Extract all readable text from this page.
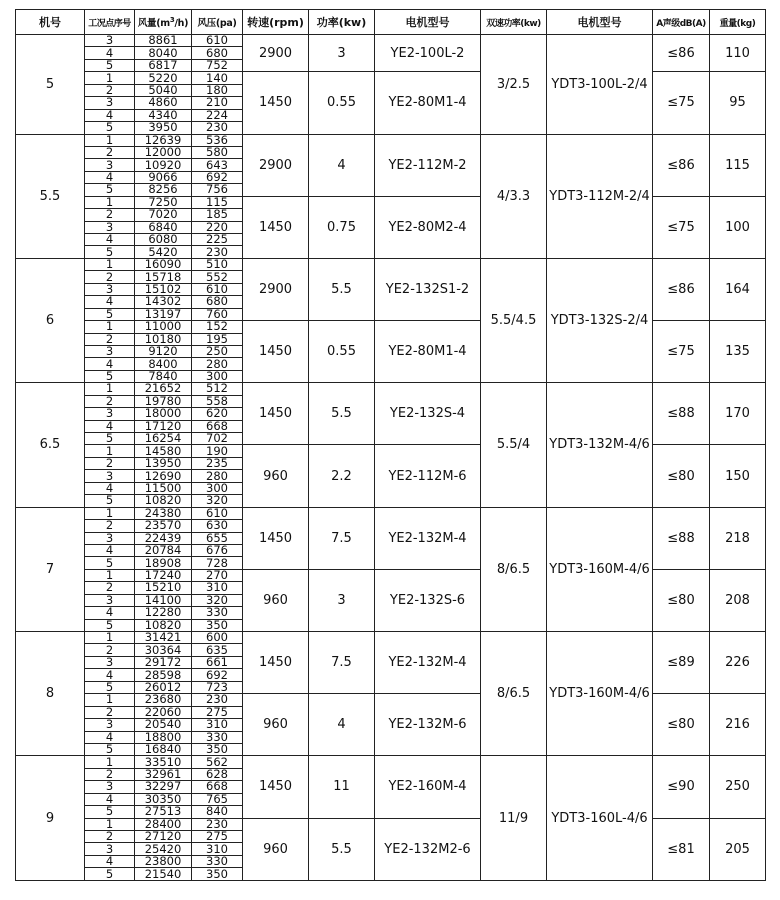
机号	工况点序号	风量$(m^3/h)$	风压(pa)	转速(rpm)	功率(kw)	电机型号	双速功率(kw)	电机型号	A声级dB(A)	重量(kg)
5	3	8861	610	2900	3	YE2-100L-2	3/2.5	YDT3-100L-2/4	≤86	110
	4	8040	680							
	5	6817	752							
	1	5220	140	1450	0.55	YE2-80M1-4			≤75	95
	2	5040	180							
	3	4860	210							
	4	4340	224							
	5	3950	230							
5.5	1	12639	536	2900	4	YE2-112M-2	4/3.3	YDT3-112M-2/4	≤86	115
	2	12000	580							
	3	10920	643							
	4	9066	692							
	5	8256	756							
	1	7250	115	1450	0.75	YE2-80M2-4			≤75	100
	2	7020	185							
	3	6840	220							
	4	6080	225							
	5	5420	230							
6	1	16090	510	2900	5.5	YE2-132S1-2	5.5/4.5	YDT3-132S-2/4	≤86	164
	2	15718	552							
	3	15102	610							
	4	14302	680							
	5	13197	760							
	1	11000	152	1450	0.55	YE2-80M1-4			≤75	135
	2	10180	195							
	3	9120	250							
	4	8400	280							
	5	7840	300							
6.5	1	21652	512	1450	5.5	YE2-132S-4	5.5/4	YDT3-132M-4/6	≤88	170
	2	19780	558							
	3	18000	620							
	4	17120	668							
	5	16254	702							
	1	14580	190	960	2.2	YE2-112M-6			≤80	150
	2	13950	235							
	3	12690	280							
	4	11500	300							
	5	10820	320							
7	1	24380	610	1450	7.5	YE2-132M-4	8/6.5	YDT3-160M-4/6	≤88	218
	2	23570	630							
	3	22439	655							
	4	20784	676							
	5	18908	728							
	1	17240	270	960	3	YE2-132S-6			≤80	208
	2	15210	310							
	3	14100	320							
	4	12280	330							
	5	10820	350							
8	1	31421	600	1450	7.5	YE2-132M-4	8/6.5	YDT3-160M-4/6	≤89	226
	2	30364	635							
	3	29172	661							
	4	28598	692							
	5	26012	723							
	1	23680	230	960	4	YE2-132M-6			≤80	216
	2	22060	275							
	3	20540	310							
	4	18800	330							
	5	16840	350							
9	1	33510	562	1450	11	YE2-160M-4	11/9	YDT3-160L-4/6	≤90	250
	2	32961	628							
	3	32297	668							
	4	30350	765							
	5	27513	840							
	1	28400	230	960	5.5	YE2-132M2-6			≤81	205
	2	27120	275							
	3	25420	310							
	4	23800	330							
	5	21540	350							
